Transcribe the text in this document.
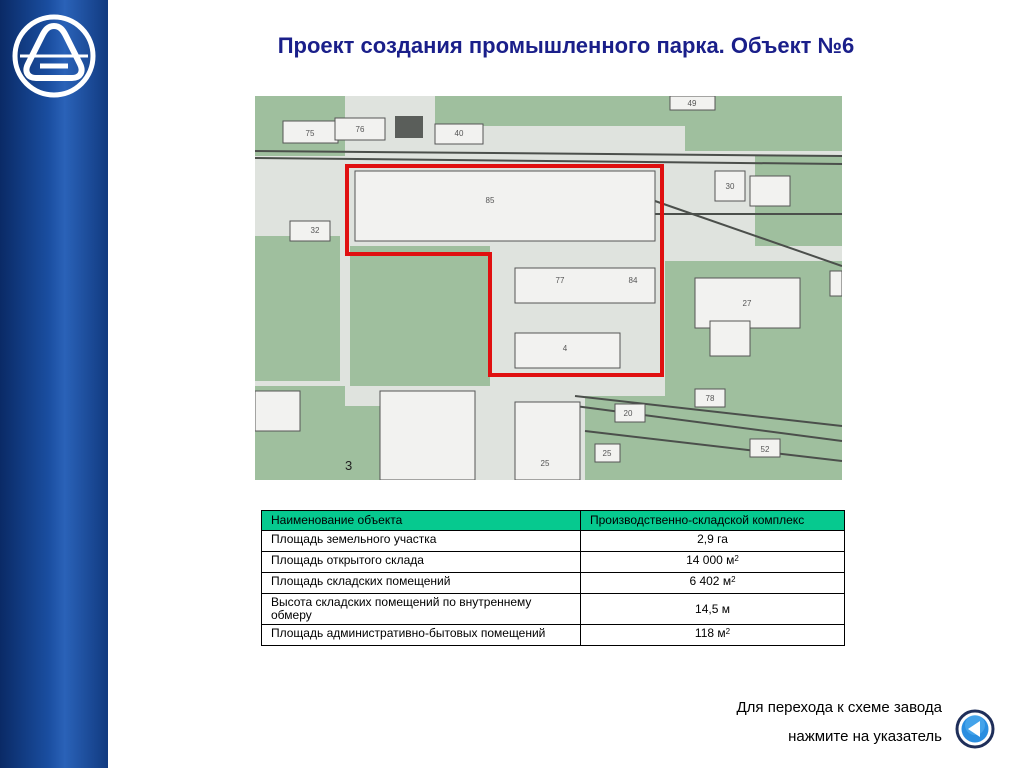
Проект создания промышленного парка. Объект №6
75	76	40
49
85
30
32
77	84
27
4
78
20
25	52
25
3
Наименование объекта	Производственно-складской комплекс
Площадь земельного участка	2,9 га
Площадь открытого склада	14 000 $м^2$
Площадь складских помещений	6 402 $м^2$
Высота складских помещений по внутреннему обмеру	14,5 м
Площадь административно-бытовых помещений	118 $м^2$
Для перехода к схеме завода
нажмите на указатель
